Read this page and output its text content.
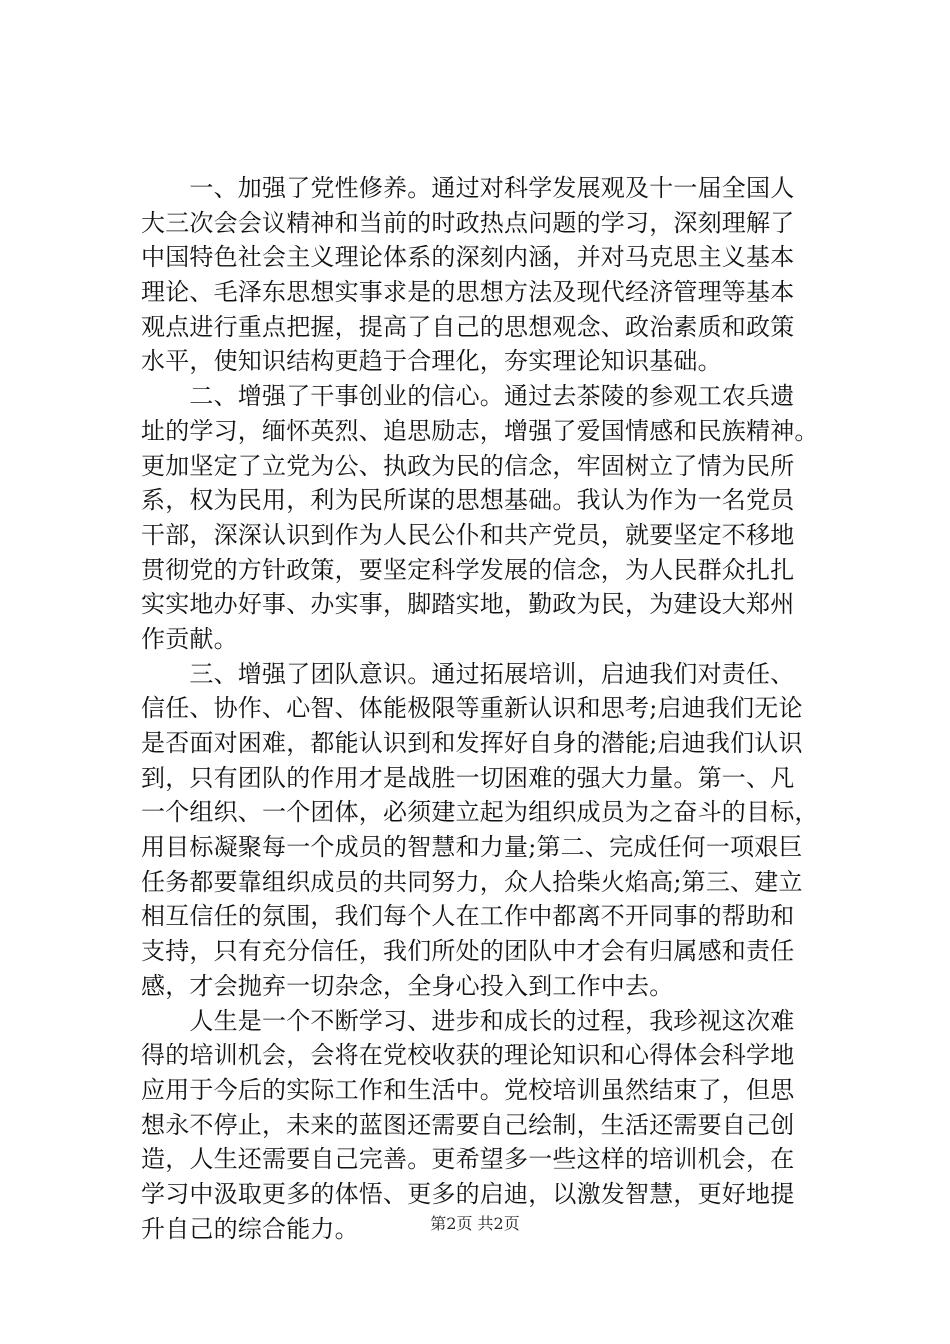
　　一、加强了党性修养。通过对科学发展观及十一届全国人
大三次会会议精神和当前的时政热点问题的学习，深刻理解了
中国特色社会主义理论体系的深刻内涵，并对马克思主义基本
理论、毛泽东思想实事求是的思想方法及现代经济管理等基本
观点进行重点把握，提高了自己的思想观念、政治素质和政策
水平，使知识结构更趋于合理化，夯实理论知识基础。
　　二、增强了干事创业的信心。通过去茶陵的参观工农兵遗
址的学习，缅怀英烈、追思励志，增强了爱国情感和民族精神。
更加坚定了立党为公、执政为民的信念，牢固树立了情为民所
系，权为民用，利为民所谋的思想基础。我认为作为一名党员
干部，深深认识到作为人民公仆和共产党员，就要坚定不移地
贯彻党的方针政策，要坚定科学发展的信念，为人民群众扎扎
实实地办好事、办实事，脚踏实地，勤政为民，为建设大郑州
作贡献。
　　三、增强了团队意识。通过拓展培训，启迪我们对责任、
信任、协作、心智、体能极限等重新认识和思考;启迪我们无论
是否面对困难，都能认识到和发挥好自身的潜能;启迪我们认识
到，只有团队的作用才是战胜一切困难的强大力量。第一、凡
一个组织、一个团体，必须建立起为组织成员为之奋斗的目标，
用目标凝聚每一个成员的智慧和力量;第二、完成任何一项艰巨
任务都要靠组织成员的共同努力，众人拾柴火焰高;第三、建立
相互信任的氛围，我们每个人在工作中都离不开同事的帮助和
支持，只有充分信任，我们所处的团队中才会有归属感和责任
感，才会抛弃一切杂念，全身心投入到工作中去。
　　人生是一个不断学习、进步和成长的过程，我珍视这次难
得的培训机会，会将在党校收获的理论知识和心得体会科学地
应用于今后的实际工作和生活中。党校培训虽然结束了，但思
想永不停止，未来的蓝图还需要自己绘制，生活还需要自己创
造，人生还需要自己完善。更希望多一些这样的培训机会，在
学习中汲取更多的体悟、更多的启迪，以激发智慧，更好地提
升自己的综合能力。	第2页 共2页
